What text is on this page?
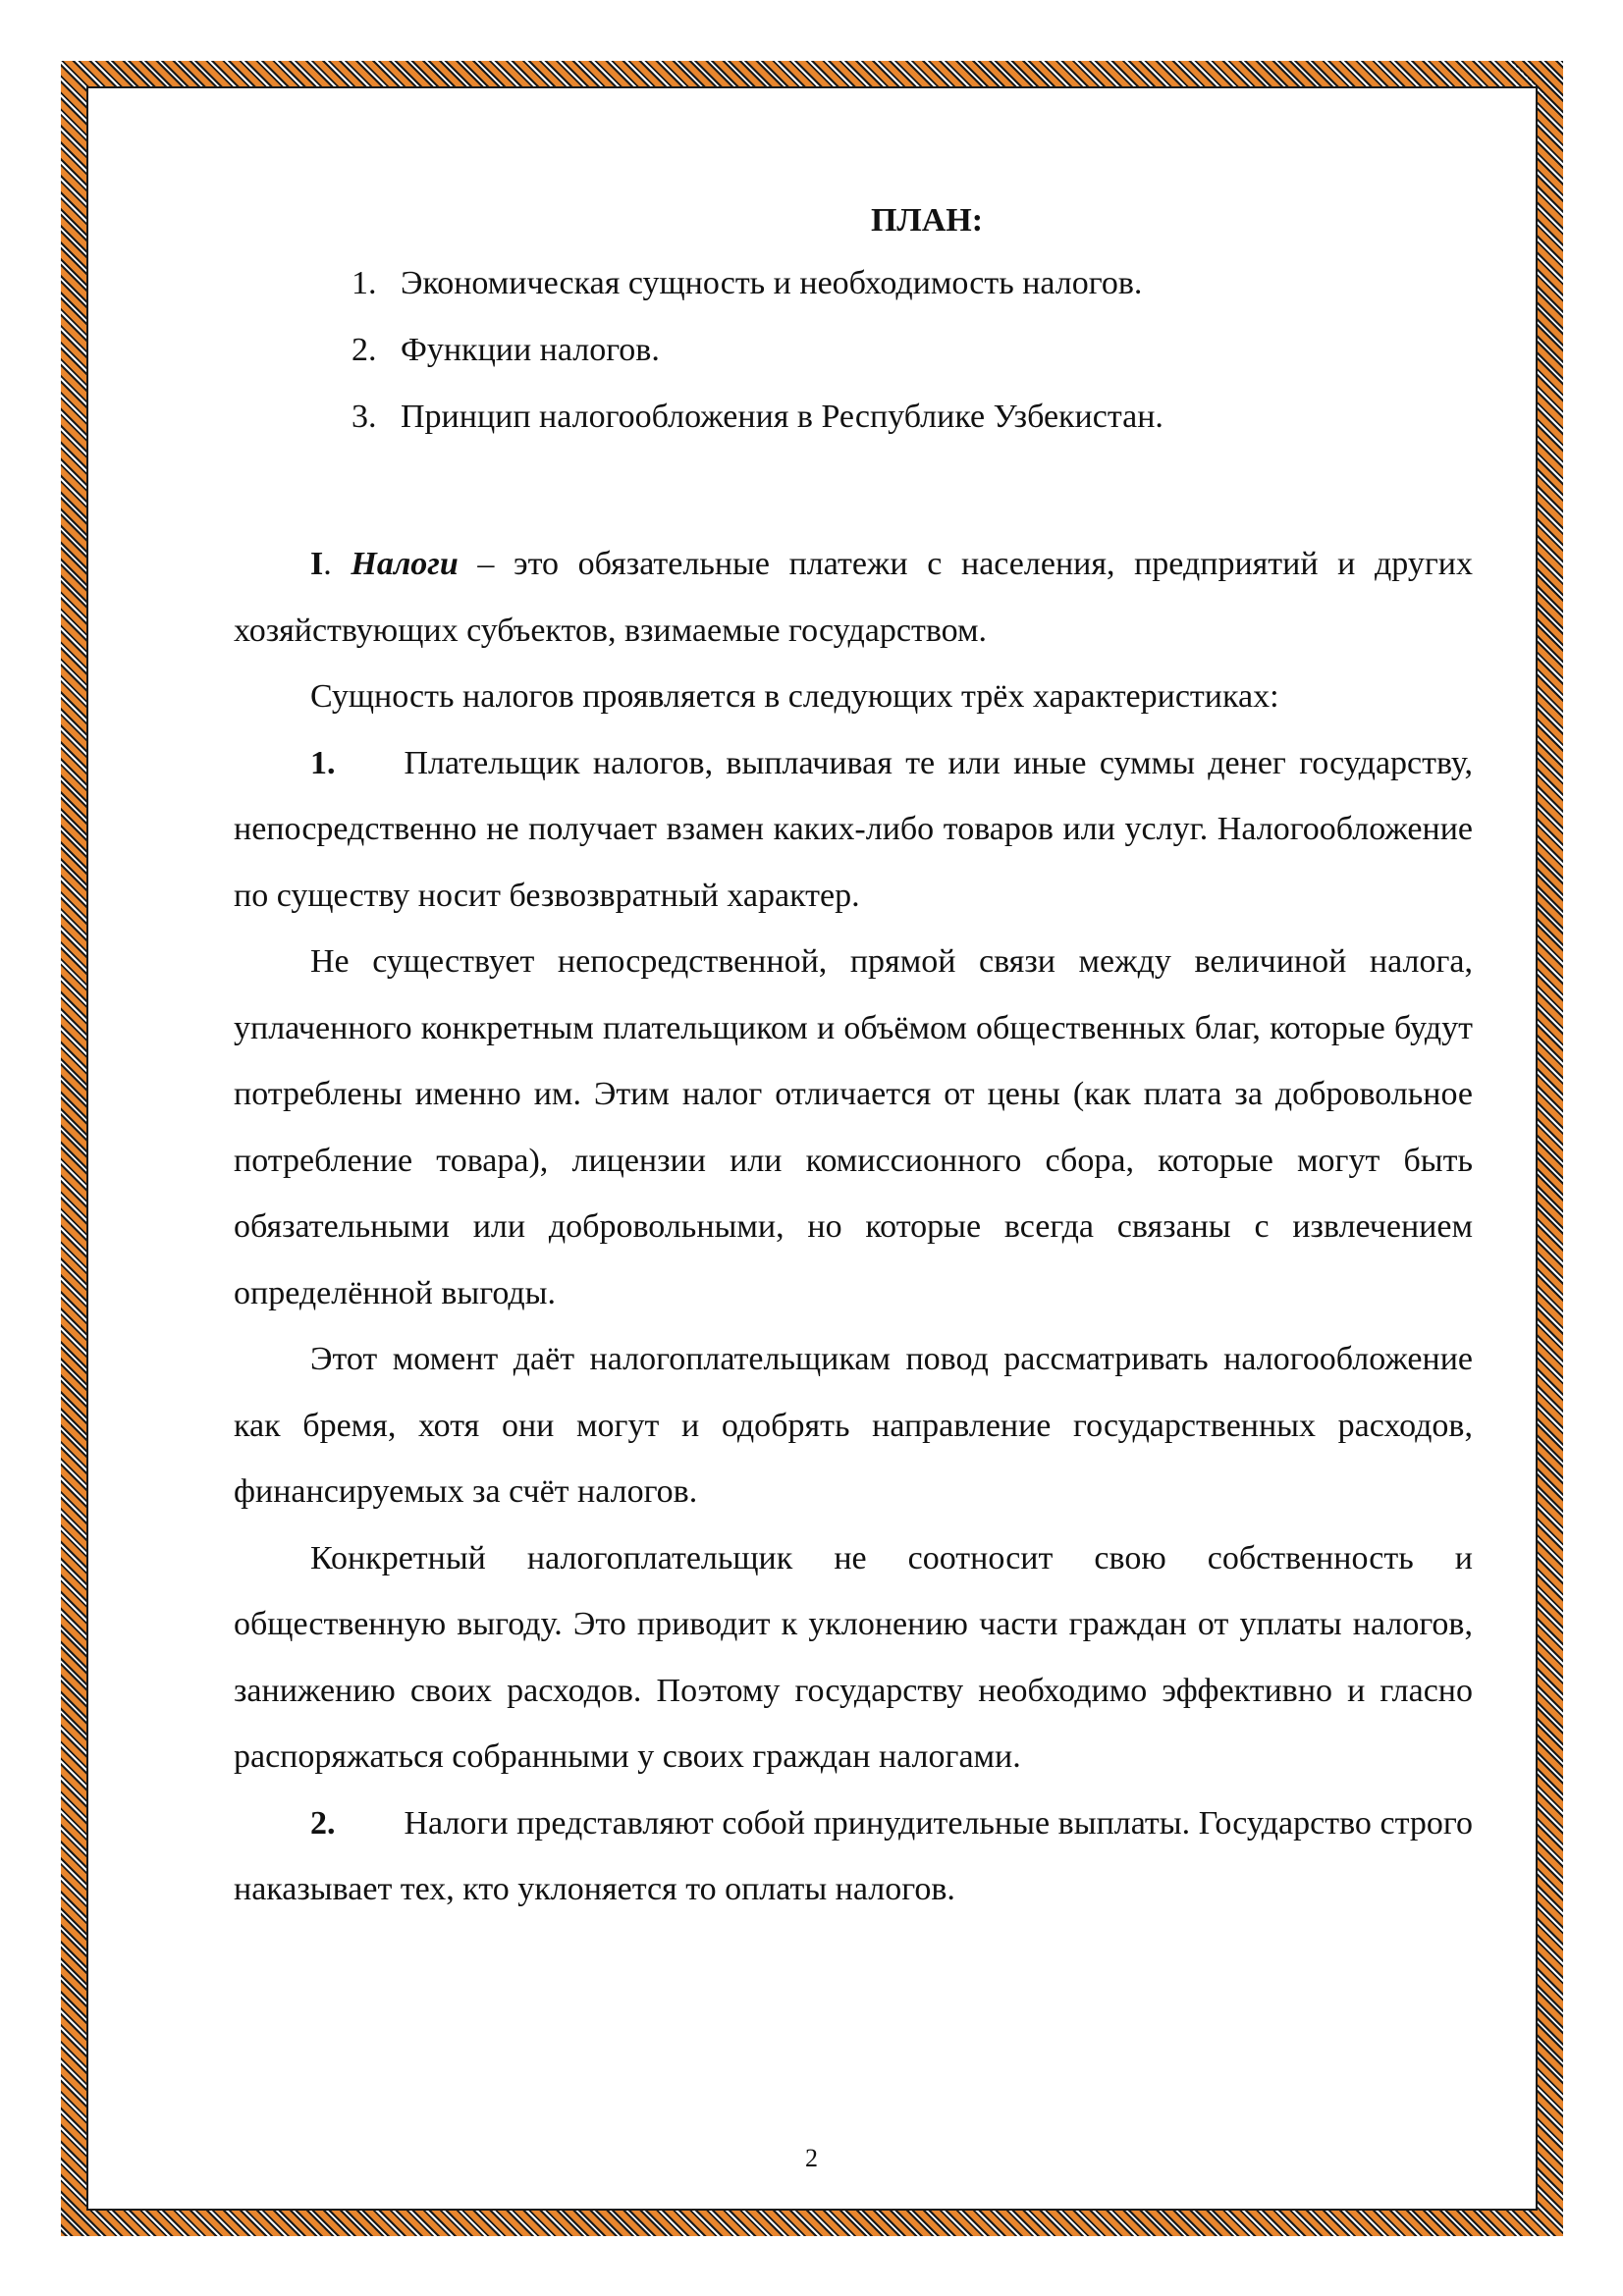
ПЛАН:
1. Экономическая сущность и необходимость налогов.
2. Функции налогов.
3. Принцип налогообложения в Республике Узбекистан.

I. Налоги – это обязательные платежи с населения, предприятий и других хозяйствующих субъектов, взимаемые государством.

Сущность налогов проявляется в следующих трёх характеристиках:

1. Плательщик налогов, выплачивая те или иные суммы денег государству, непосредственно не получает взамен каких-либо товаров или услуг. Налогообложение по существу носит безвозвратный характер.

Не существует непосредственной, прямой связи между величиной налога, уплаченного конкретным плательщиком и объёмом общественных благ, которые будут потреблены именно им. Этим налог отличается от цены (как плата за добровольное потребление товара), лицензии или комиссионного сбора, которые могут быть обязательными или добровольными, но которые всегда связаны с извлечением определённой выгоды.

Этот момент даёт налогоплательщикам повод рассматривать налогообложение как бремя, хотя они могут и одобрять направление государственных расходов, финансируемых за счёт налогов.

Конкретный налогоплательщик не соотносит свою собственность и общественную выгоду. Это приводит к уклонению части граждан от уплаты налогов, занижению своих расходов. Поэтому государству необходимо эффективно и гласно распоряжаться собранными у своих граждан налогами.

2. Налоги представляют собой принудительные выплаты. Государство строго наказывает тех, кто уклоняется то оплаты налогов.

2
